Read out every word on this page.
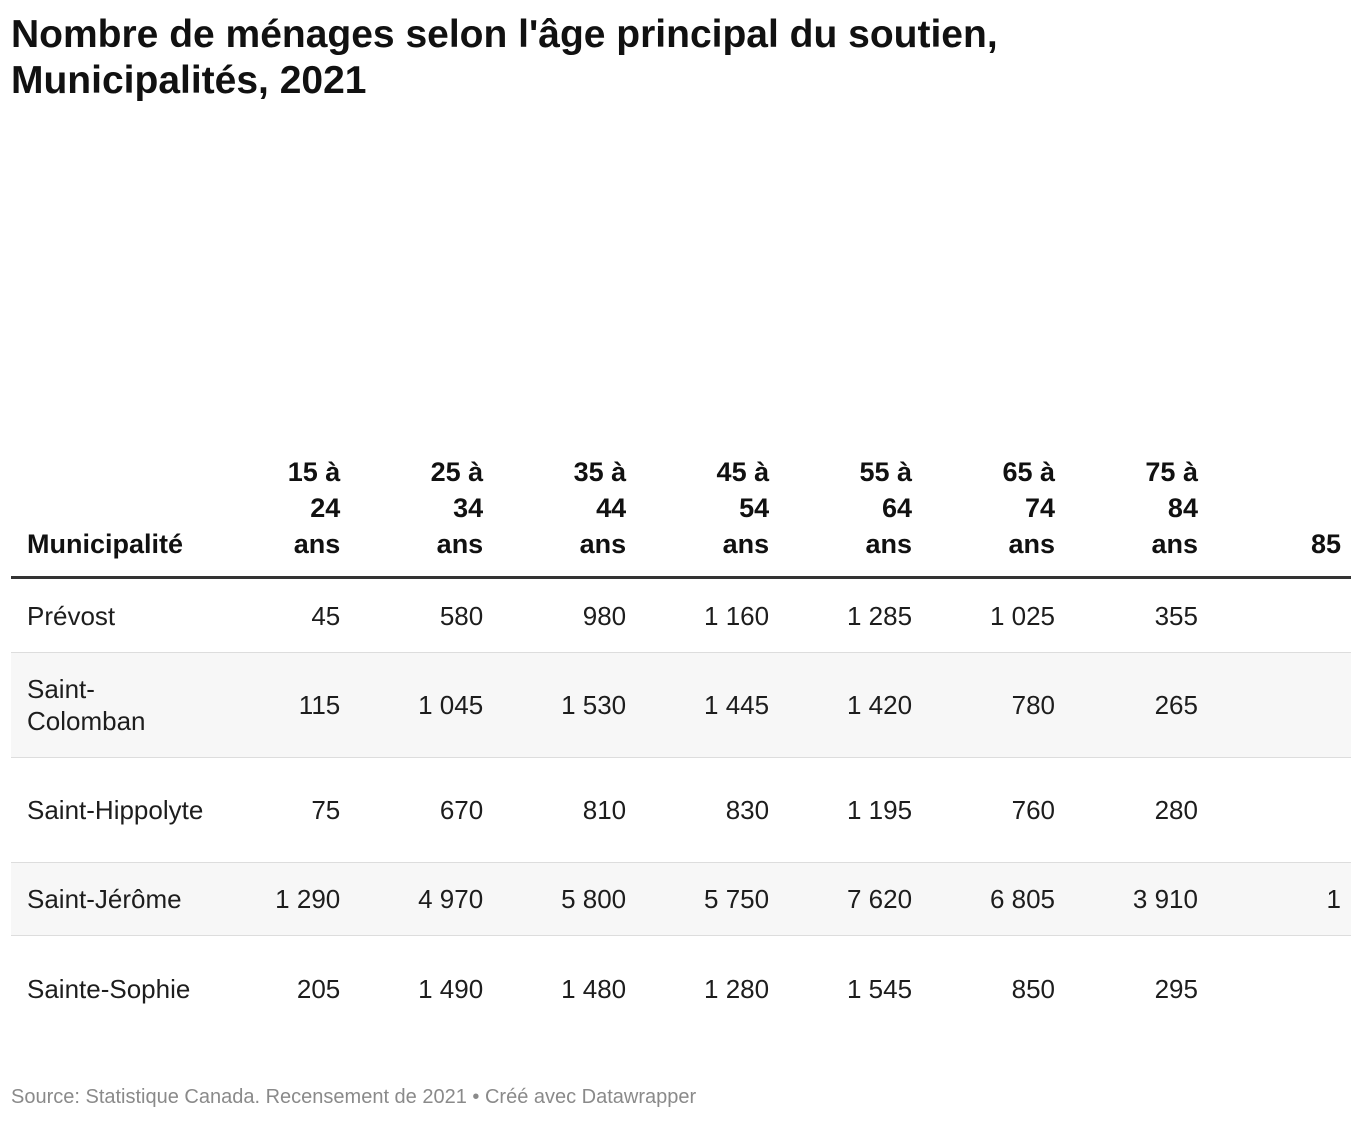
Nombre de ménages selon l'âge principal du soutien, Municipalités, 2021
Municipalité	15 à 24 ans	25 à 34 ans	35 à 44 ans	45 à 54 ans	55 à 64 ans	65 à 74 ans	75 à 84 ans	85
Prévost	45	580	980	1 160	1 285	1 025	355	
Saint-Colomban	115	1 045	1 530	1 445	1 420	780	265	
Saint-Hippolyte	75	670	810	830	1 195	760	280	
Saint-Jérôme	1 290	4 970	5 800	5 750	7 620	6 805	3 910	1
Sainte-Sophie	205	1 490	1 480	1 280	1 545	850	295	
Source: Statistique Canada. Recensement de 2021 • Créé avec Datawrapper
